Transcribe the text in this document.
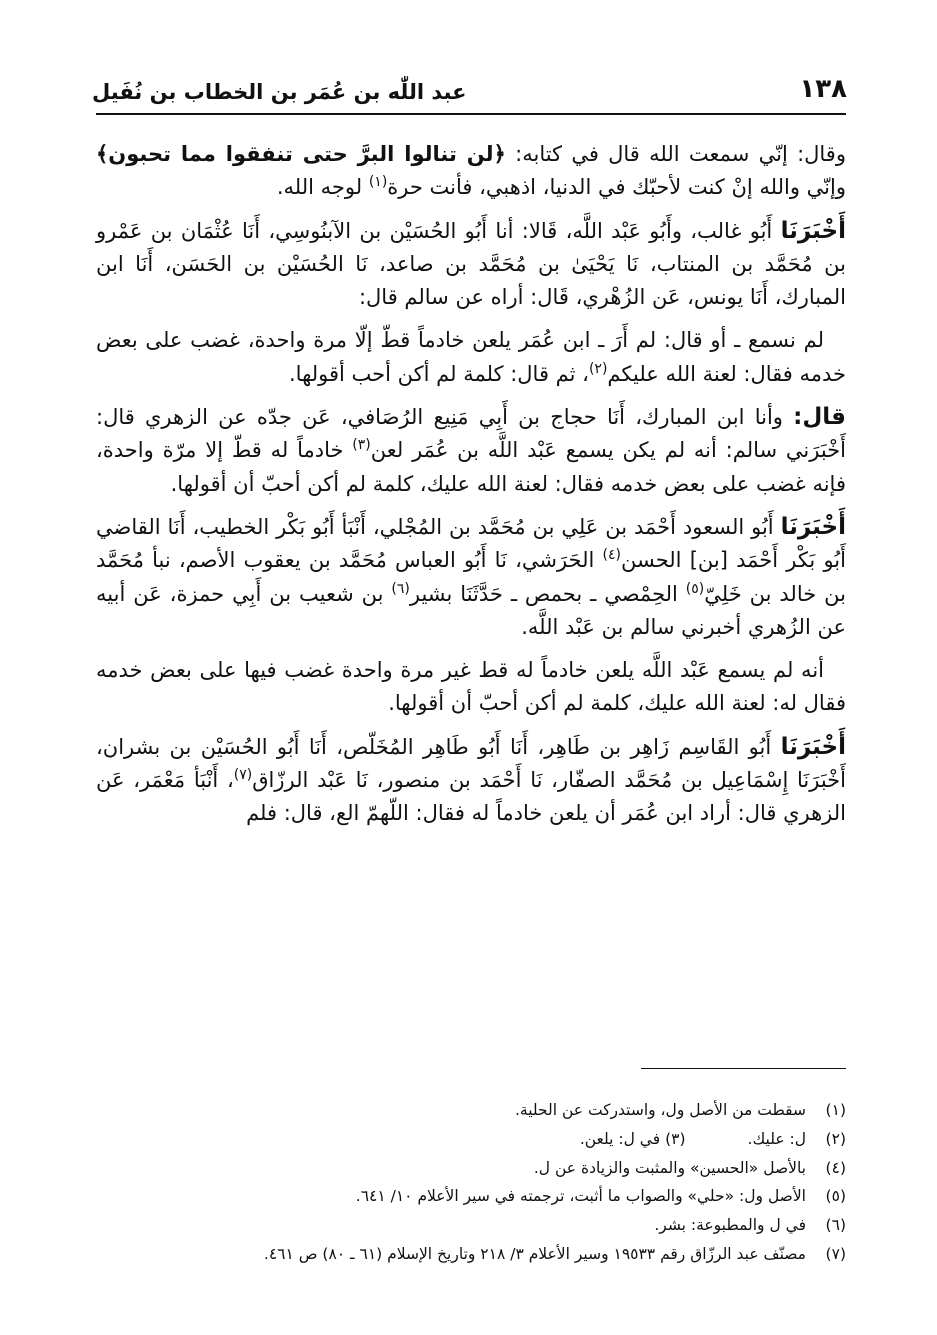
١٣٨
عبد اللّٰه بن عُمَر بن الخطاب بن نُفَيل

وقال: إنّي سمعت الله قال في كتابه: ﴿لن تنالوا البرَّ حتى تنفقوا مما تحبون﴾ وإنّي والله إنْ كنت لأحبّك في الدنيا، اذهبي، فأنت حرة$^{(١)}$ لوجه الله.

أَخْبَرَنَا أَبُو غالب، وأَبُو عَبْد اللَّه، قَالا: أنا أَبُو الحُسَيْن بن الآبنُوسِي، أَنَا عُثْمَان بن عَمْرو بن مُحَمَّد بن المنتاب، نَا يَحْيَىٰ بن مُحَمَّد بن صاعد، نَا الحُسَيْن بن الحَسَن، أَنَا ابن المبارك، أَنَا يونس، عَن الزُهْري، قَال: أراه عن سالم قال:

لم نسمع ـ أو قال: لم أَرَ ـ ابن عُمَر يلعن خادماً قطّ إلّا مرة واحدة، غضب على بعض خدمه فقال: لعنة الله عليكم$^{(٢)}$، ثم قال: كلمة لم أكن أحب أقولها.

قال: وأنا ابن المبارك، أَنَا حجاج بن أَبِي مَنِيع الرُصَافي، عَن جدّه عن الزهري قال: أَخْبَرَني سالم: أنه لم يكن يسمع عَبْد اللَّه بن عُمَر لعن$^{(٣)}$ خادماً له قطّ إلا مرّة واحدة، فإنه غضب على بعض خدمه فقال: لعنة الله عليك، كلمة لم أكن أحبّ أن أقولها.

أَخْبَرَنَا أَبُو السعود أَحْمَد بن عَلِي بن مُحَمَّد بن المُجْلي، أَنْبَأ أَبُو بَكْر الخطيب، أَنَا القاضي أَبُو بَكْر أَحْمَد [بن] الحسن$^{(٤)}$ الحَرَشي، نَا أَبُو العباس مُحَمَّد بن يعقوب الأصم، نبأ مُحَمَّد بن خالد بن خَلِيّ$^{(٥)}$ الحِمْصي ـ بحمص ـ حَدَّثَنَا بشير$^{(٦)}$ بن شعيب بن أَبِي حمزة، عَن أبيه عن الزُهري أخبرني سالم بن عَبْد اللَّه.

أنه لم يسمع عَبْد اللَّه يلعن خادماً له قط غير مرة واحدة غضب فيها على بعض خدمه فقال له: لعنة الله عليك، كلمة لم أكن أحبّ أن أقولها.

أَخْبَرَنَا أَبُو القَاسِم زَاهِر بن طَاهِر، أَنَا أَبُو طَاهِر المُخَلّص، أَنَا أَبُو الحُسَيْن بن بشران، أَخْبَرَنَا إِسْمَاعِيل بن مُحَمَّد الصفّار، نَا أَحْمَد بن منصور، نَا عَبْد الرزّاق$^{(٧)}$، أَنْبَأ مَعْمَر، عَن الزهري قال: أراد ابن عُمَر أن يلعن خادماً له فقال: اللّهمّ الع، قال: فلم

(١)
سقطت من الأصل ول، واستدركت عن الحلية.
(٢)
ل: عليك.
(٣) في ل: يلعن.
(٤)
بالأصل «الحسين» والمثبت والزيادة عن ل.
(٥)
الأصل ول: «حلي» والصواب ما أثبت، ترجمته في سير الأعلام ١٠/ ٦٤١.
(٦)
في ل والمطبوعة: بشر.
(٧)
مصنّف عبد الرزّاق رقم ١٩٥٣٣ وسير الأعلام ٣/ ٢١٨ وتاريخ الإسلام (٦١ ـ ٨٠) ص ٤٦١.
